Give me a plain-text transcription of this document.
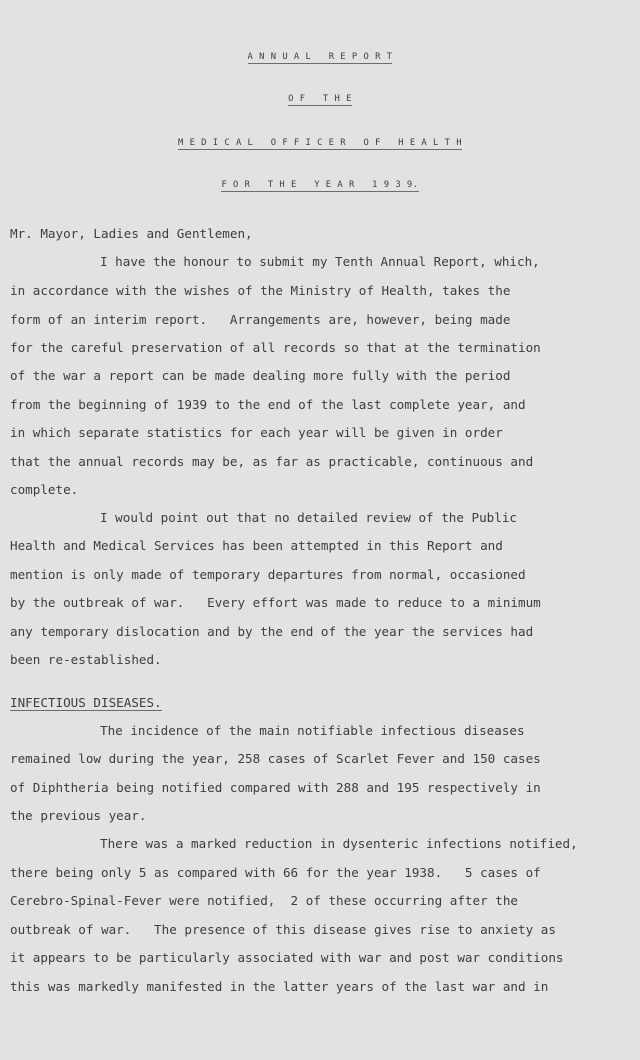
A N N U A L   R E P O R T
O F   T H E
M E D I C A L   O F F I C E R   O F   H E A L T H
F O R   T H E   Y E A R   1 9 3 9.
Mr. Mayor, Ladies and Gentlemen,
I have the honour to submit my Tenth Annual Report, which,
in accordance with the wishes of the Ministry of Health, takes the
form of an interim report.   Arrangements are, however, being made
for the careful preservation of all records so that at the termination
of the war a report can be made dealing more fully with the period
from the beginning of 1939 to the end of the last complete year, and
in which separate statistics for each year will be given in order
that the annual records may be, as far as practicable, continuous and
complete.
I would point out that no detailed review of the Public
Health and Medical Services has been attempted in this Report and
mention is only made of temporary departures from normal, occasioned
by the outbreak of war.   Every effort was made to reduce to a minimum
any temporary dislocation and by the end of the year the services had
been re-established.
INFECTIOUS DISEASES.
The incidence of the main notifiable infectious diseases
remained low during the year, 258 cases of Scarlet Fever and 150 cases
of Diphtheria being notified compared with 288 and 195 respectively in
the previous year.
There was a marked reduction in dysenteric infections notified,
there being only 5 as compared with 66 for the year 1938.   5 cases of
Cerebro-Spinal-Fever were notified,  2 of these occurring after the
outbreak of war.   The presence of this disease gives rise to anxiety as
it appears to be particularly associated with war and post war conditions
this was markedly manifested in the latter years of the last war and in
